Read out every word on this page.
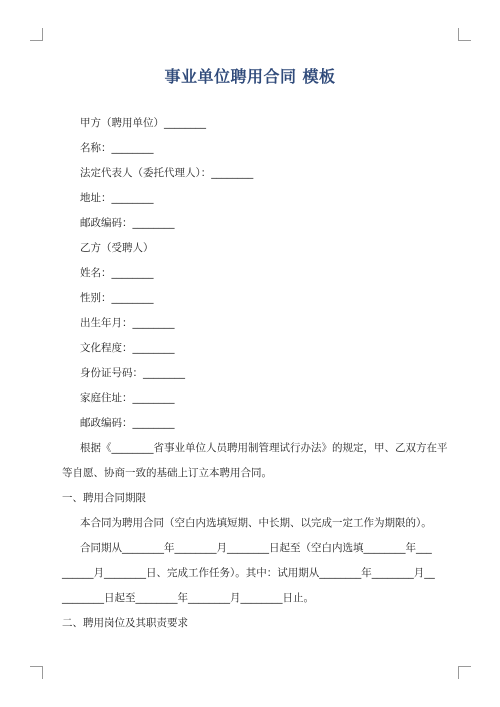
事业单位聘用合同 模板
甲方（聘用单位）________
名称：________
法定代表人（委托代理人）：________
地址：________
邮政编码：________
乙方（受聘人）
姓名：________
性别：________
出生年月：________
文化程度：________
身份证号码：________
家庭住址：________
邮政编码：________
根据《________省事业单位人员聘用制管理试行办法》的规定，甲、乙双方在平
等自愿、协商一致的基础上订立本聘用合同。
一、聘用合同期限
本合同为聘用合同（空白内选填短期、中长期、以完成一定工作为期限的）。
合同期从________年________月________日起至（空白内选填________年___
______月________日、完成工作任务）。其中：试用期从________年________月__
________日起至________年________月________日止。
二、聘用岗位及其职责要求
